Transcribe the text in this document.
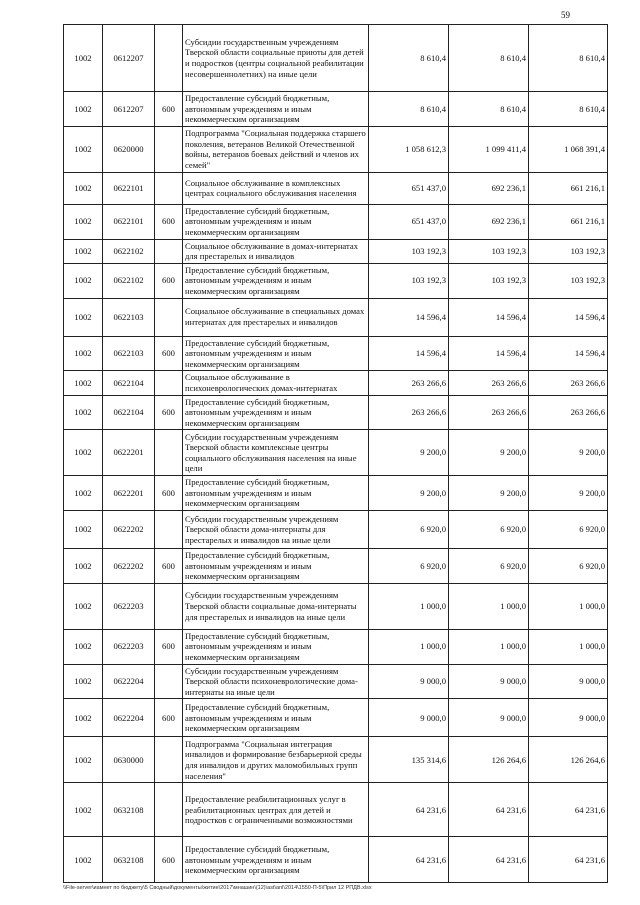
59
1002	0612207		Субсидии государственным учреждениям Тверской области социальные приюты для детей и подростков (центры социальной реабилитации несовершеннолетних) на иные цели	8 610,4	8 610,4	8 610,4
1002	0612207	600	Предоставление субсидий бюджетным, автономным учреждениям и иным некоммерческим организациям	8 610,4	8 610,4	8 610,4
1002	0620000		Подпрограмма "Социальная поддержка старшего поколения, ветеранов Великой Отечественной войны, ветеранов боевых действий и членов их семей"	1 058 612,3	1 099 411,4	1 068 391,4
1002	0622101		Социальное обслуживание в комплексных центрах социального обслуживания населения	651 437,0	692 236,1	661 216,1
1002	0622101	600	Предоставление субсидий бюджетным, автономным учреждениям и иным некоммерческим организациям	651 437,0	692 236,1	661 216,1
1002	0622102		Социальное обслуживание в домах-интернатах для престарелых и инвалидов	103 192,3	103 192,3	103 192,3
1002	0622102	600	Предоставление субсидий бюджетным, автономным учреждениям и иным некоммерческим организациям	103 192,3	103 192,3	103 192,3
1002	0622103		Социальное обслуживание в специальных домах интернатах для престарелых и инвалидов	14 596,4	14 596,4	14 596,4
1002	0622103	600	Предоставление субсидий бюджетным, автономным учреждениям и иным некоммерческим организациям	14 596,4	14 596,4	14 596,4
1002	0622104		Социальное обслуживание в психоневрологических домах-интернатах	263 266,6	263 266,6	263 266,6
1002	0622104	600	Предоставление субсидий бюджетным, автономным учреждениям и иным некоммерческим организациям	263 266,6	263 266,6	263 266,6
1002	0622201		Субсидии государственным учреждениям Тверской области комплексные центры социального обслуживания населения на иные цели	9 200,0	9 200,0	9 200,0
1002	0622201	600	Предоставление субсидий бюджетным, автономным учреждениям и иным некоммерческим организациям	9 200,0	9 200,0	9 200,0
1002	0622202		Субсидии государственным учреждениям Тверской области дома-интернаты для престарелых и инвалидов на иные цели	6 920,0	6 920,0	6 920,0
1002	0622202	600	Предоставление субсидий бюджетным, автономным учреждениям и иным некоммерческим организациям	6 920,0	6 920,0	6 920,0
1002	0622203		Субсидии государственным учреждениям Тверской области социальные дома-интернаты для престарелых и инвалидов на иные цели	1 000,0	1 000,0	1 000,0
1002	0622203	600	Предоставление субсидий бюджетным, автономным учреждениям и иным некоммерческим организациям	1 000,0	1 000,0	1 000,0
1002	0622204		Субсидии государственным учреждениям Тверской области психоневрологические дома-интернаты на иные цели	9 000,0	9 000,0	9 000,0
1002	0622204	600	Предоставление субсидий бюджетным, автономным учреждениям и иным некоммерческим организациям	9 000,0	9 000,0	9 000,0
1002	0630000		Подпрограмма "Социальная интеграция инвалидов и формирование безбарьерной среды для инвалидов и других маломобильных групп населения"	135 314,6	126 264,6	126 264,6
1002	0632108		Предоставление реабилитационных услуг в реабилитационных центрах для детей и подростков с ограниченными возможностями	64 231,6	64 231,6	64 231,6
1002	0632108	600	Предоставление субсидий бюджетным, автономным учреждениям и иным некоммерческим организациям	64 231,6	64 231,6	64 231,6
\\File-server\иамнет по бюджету\5 Сводный\документы\житие\2017\мнашин\(12)\ast\аnl\2014\1550-П-5\Прил 12 РПДВ.xlsx
